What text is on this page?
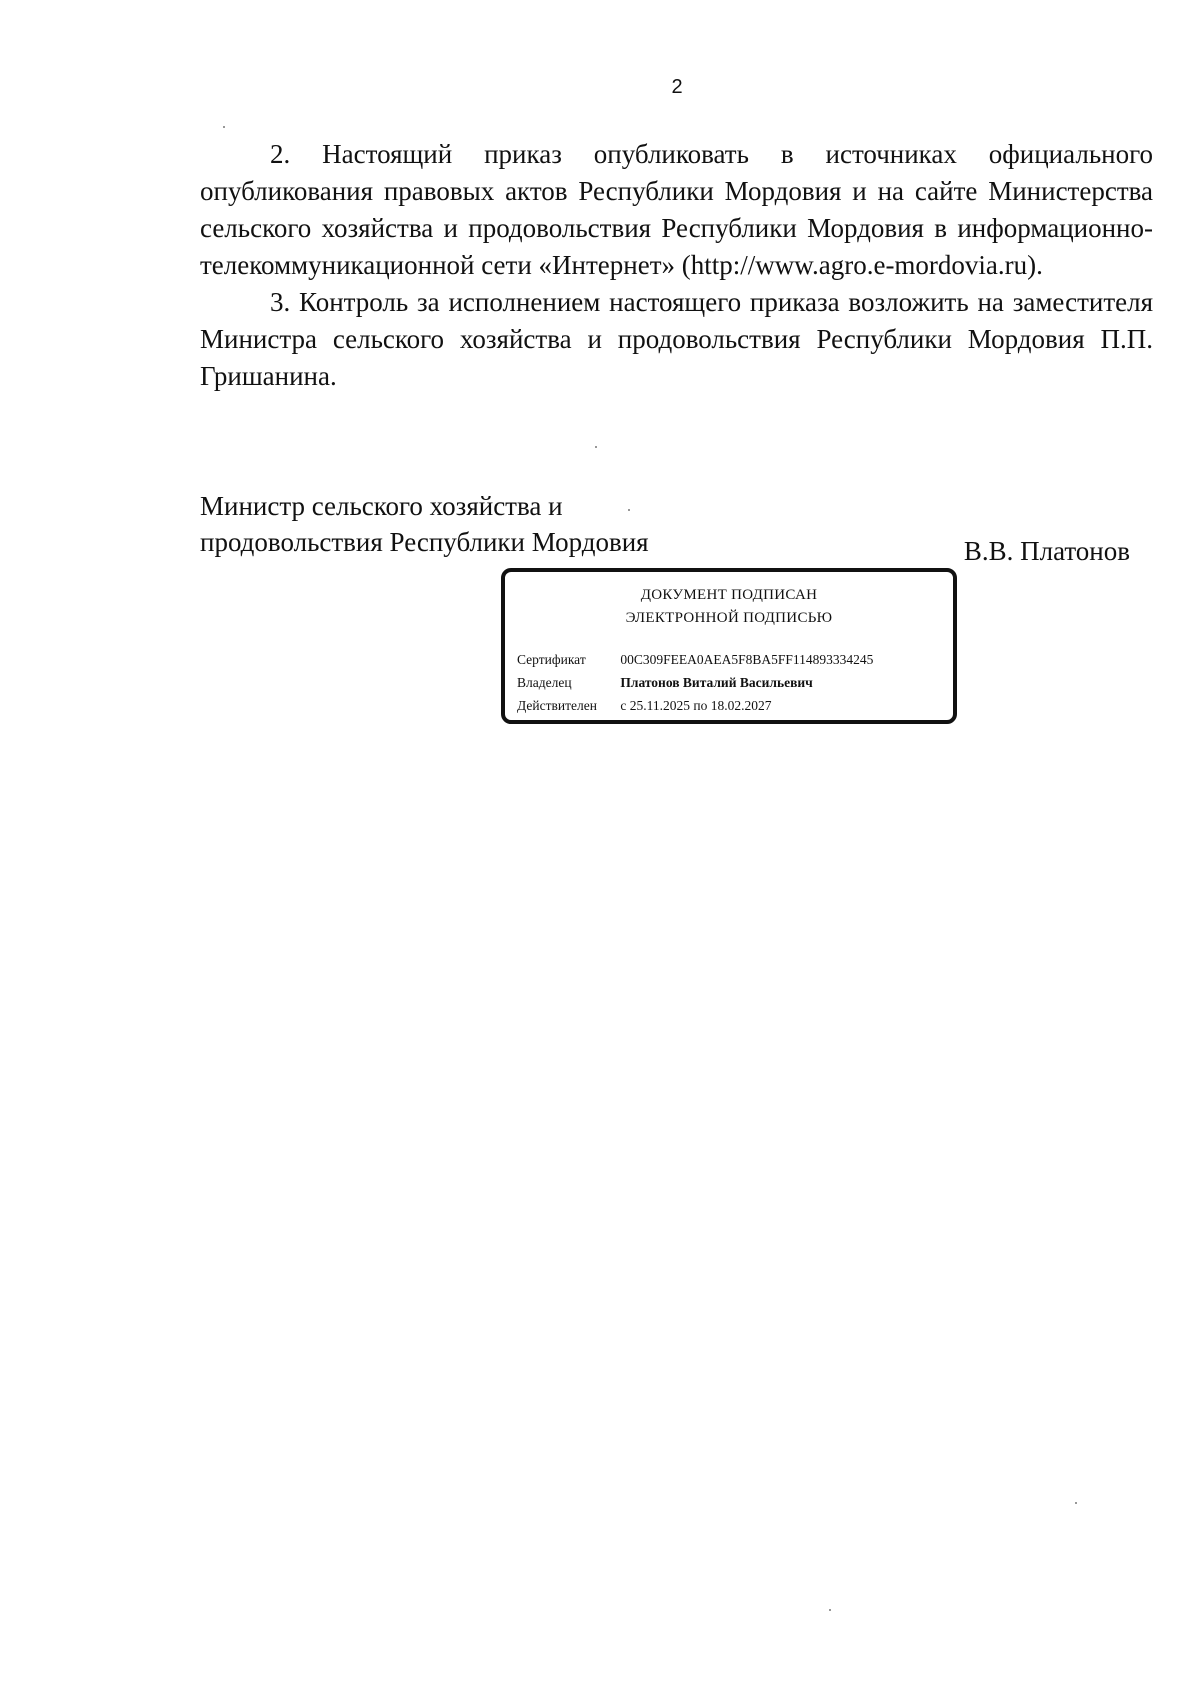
2

2. Настоящий приказ опубликовать в источниках официального опубликования правовых актов Республики Мордовия и на сайте Министерства сельского хозяйства и продовольствия Республики Мордовия в информационно-телекоммуникационной сети «Интернет» (http://www.agro.e-mordovia.ru).

3. Контроль за исполнением настоящего приказа возложить на заместителя Министра сельского хозяйства и продовольствия Республики Мордовия П.П. Гришанина.

Министр сельского хозяйства и
продовольствия Республики Мордовия	В.В. Платонов
ДОКУМЕНТ ПОДПИСАН
ЭЛЕКТРОННОЙ ПОДПИСЬЮ
Сертификат	00C309FEEA0AEA5F8BA5FF114893334245
Владелец	Платонов Виталий Васильевич
Действителен с 25.11.2025 по 18.02.2027
